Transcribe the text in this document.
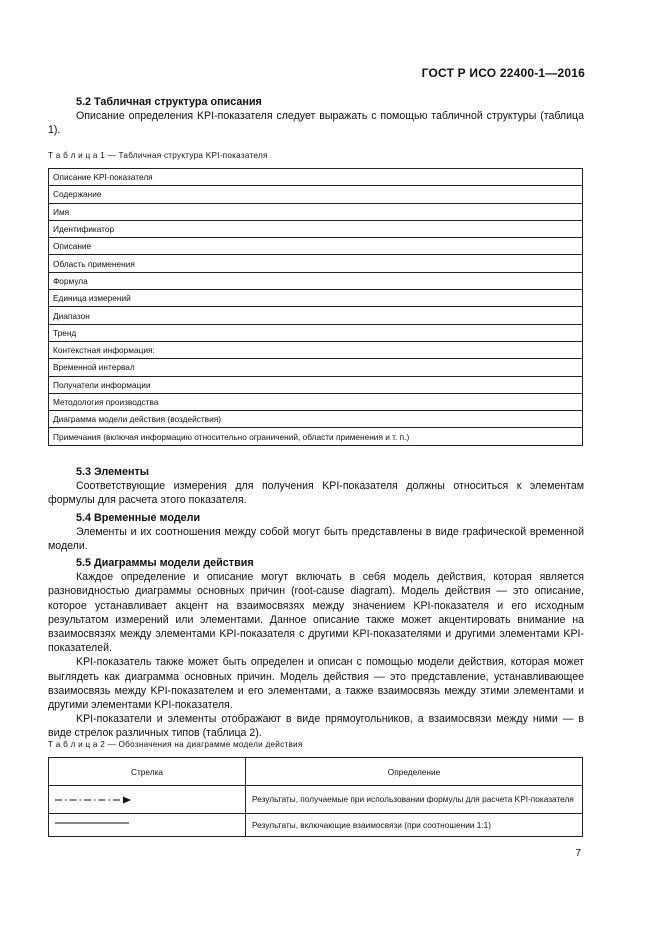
ГОСТ Р ИСО 22400-1—2016
5.2 Табличная структура описания
Описание определения KPI-показателя следует выражать с помощью табличной структуры (таблица 1).
Т а б л и ц а 1 — Табличная структура KPI-показателя
Описание KPI-показателя
Содержание
Имя
Идентификатор
Описание
Область применения
Формула
Единица измерений
Диапазон
Тренд
Контекстная информация:
Временной интервал
Получатели информации
Методология производства
Диаграмма модели действия (воздействия)
Примечания (включая информацию относительно ограничений, области применения и т. п.)
5.3 Элементы
Соответствующие измерения для получения KPI-показателя должны относиться к элементам формулы для расчета этого показателя.
5.4 Временные модели
Элементы и их соотношения между собой могут быть представлены в виде графической временной модели.
5.5 Диаграммы модели действия
Каждое определение и описание могут включать в себя модель действия, которая является разновидностью диаграммы основных причин (root-cause diagram). Модель действия — это описание, которое устанавливает акцент на взаимосвязях между значением KPI-показателя и его исходным результатом измерений или элементами. Данное описание также может акцентировать внимание на взаимосвязях между элементами KPI-показателя с другими KPI-показателями и другими элементами KPI-показателей.
KPI-показатель также может быть определен и описан с помощью модели действия, которая может выглядеть как диаграмма основных причин. Модель действия — это представление, устанавливающее взаимосвязь между KPI-показателем и его элементами, а также взаимосвязь между этими элементами и другими элементами KPI-показателя.
KPI-показатели и элементы отображают в виде прямоугольников, а взаимосвязи между ними — в виде стрелок различных типов (таблица 2).
Т а б л и ц а 2 — Обозначения на диаграмме модели действия
Стрелка	Определение

	Результаты, получаемые при использовании формулы для расчета KPI-показателя

	Результаты, включающие взаимосвязи (при соотношении 1:1)
7
